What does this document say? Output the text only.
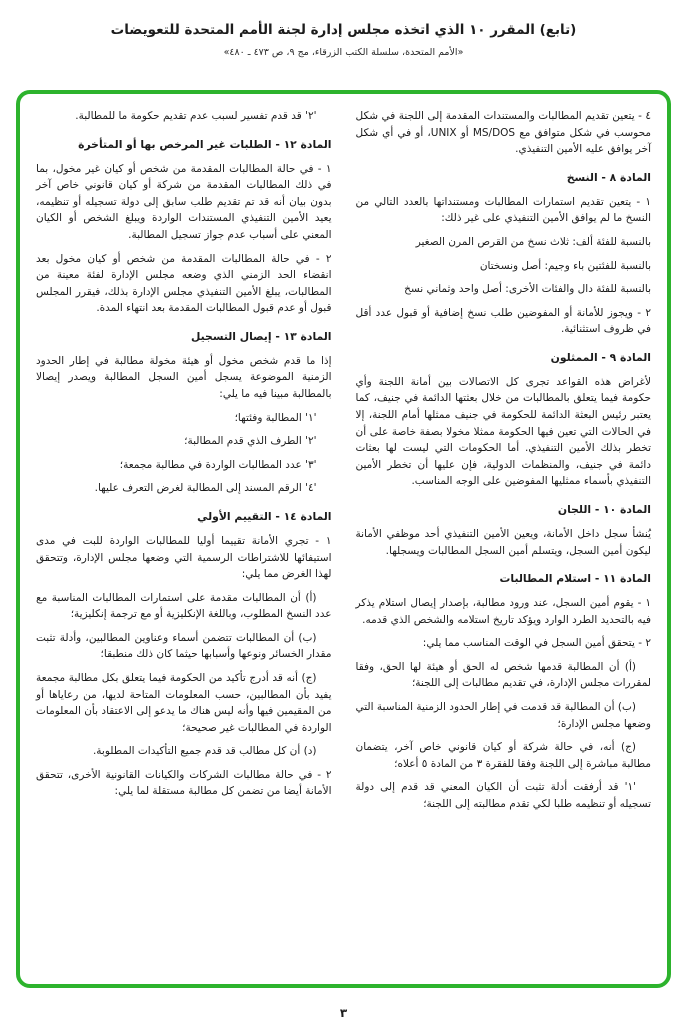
(تابع) المقرر ١٠ الذي اتخذه مجلس إدارة لجنة الأمم المتحدة للتعويضات
«الأمم المتحدة، سلسلة الكتب الزرقاء، مج ٩، ص ٤٧٣ ـ ٤٨٠»
٤ - يتعين تقديم المطالبات والمستندات المقدمة إلى اللجنة في شكل محوسب في شكل متوافق مع MS/DOS أو UNIX، أو في أي شكل آخر يوافق عليه الأمين التنفيذي.
المادة ٨ - النسخ
١ - يتعين تقديم استمارات المطالبات ومستنداتها بالعدد التالي من النسخ ما لم يوافق الأمين التنفيذي على غير ذلك:
بالنسبة للفئة ألف: ثلاث نسخ من القرص المرن الصغير
بالنسبة للفئتين باء وجيم: أصل ونسختان
بالنسبة للفئة دال والفئات الأخرى: أصل واحد وثماني نسخ
٢ - ويجوز للأمانة أو المفوضين طلب نسخ إضافية أو قبول عدد أقل في ظروف استثنائية.
المادة ٩ - الممثلون
لأغراض هذه القواعد تجرى كل الاتصالات بين أمانة اللجنة وأي حكومة فيما يتعلق بالمطالبات من خلال بعثتها الدائمة في جنيف، كما يعتبر رئيس البعثة الدائمة للحكومة في جنيف ممثلها أمام اللجنة، إلا في الحالات التي تعين فيها الحكومة ممثلا مخولا بصفة خاصة على أن تخطر بذلك الأمين التنفيذي. أما الحكومات التي ليست لها بعثات دائمة في جنيف، والمنظمات الدولية، فإن عليها أن تخطر الأمين التنفيذي بأسماء ممثليها المفوضين على الوجه المناسب.
المادة ١٠ - اللجان
يُنشأ سجل داخل الأمانة، ويعين الأمين التنفيذي أحد موظفي الأمانة ليكون أمين السجل، ويتسلم أمين السجل المطالبات ويسجلها.
المادة ١١ - استلام المطالبات
١ - يقوم أمين السجل، عند ورود مطالبة، بإصدار إيصال استلام يذكر فيه بالتحديد الطرد الوارد ويؤكد تاريخ استلامه والشخص الذي قدمه.
٢ - يتحقق أمين السجل في الوقت المناسب مما يلي:
(أ) أن المطالبة قدمها شخص له الحق أو هيئة لها الحق، وفقا لمقررات مجلس الإدارة، في تقديم مطالبات إلى اللجنة؛
(ب) أن المطالبة قد قدمت في إطار الحدود الزمنية المناسبة التي وضعها مجلس الإدارة؛
(ج) أنه، في حالة شركة أو كيان قانوني خاص آخر، يتضمان مطالبة مباشرة إلى اللجنة وفقا للفقرة ٣ من المادة ٥ أعلاه؛
'١' قد أرفقت أدلة تثبت أن الكيان المعني قد قدم إلى دولة تسجيله أو تنظيمه طلبا لكي تقدم مطالبته إلى اللجنة؛
'٢' قد قدم تفسير لسبب عدم تقديم حكومة ما للمطالبة.
المادة ١٢ - الطلبات غير المرخص بها أو المتأخرة
١ - في حالة المطالبات المقدمة من شخص أو كيان غير مخول، بما في ذلك المطالبات المقدمة من شركة أو كيان قانوني خاص آخر بدون بيان أنه قد تم تقديم طلب سابق إلى دولة تسجيله أو تنظيمه، يعيد الأمين التنفيذي المستندات الواردة ويبلغ الشخص أو الكيان المعني على أسباب عدم جواز تسجيل المطالبة.
٢ - في حالة المطالبات المقدمة من شخص أو كيان مخول بعد انقضاء الحد الزمني الذي وضعه مجلس الإدارة لفئة معينة من المطالبات، يبلغ الأمين التنفيذي مجلس الإدارة بذلك، فيقرر المجلس قبول أو عدم قبول المطالبات المقدمة بعد انتهاء المدة.
المادة ١٣ - إيصال التسجيل
إذا ما قدم شخص مخول أو هيئة مخولة مطالبة في إطار الحدود الزمنية الموضوعة يسجل أمين السجل المطالبة ويصدر إيصالا بالمطالبة مبينا فيه ما يلي:
'١' المطالبة وفئتها؛
'٢' الطرف الذي قدم المطالبة؛
'٣' عدد المطالبات الواردة في مطالبة مجمعة؛
'٤' الرقم المسند إلى المطالبة لغرض التعرف عليها.
المادة ١٤ - التقييم الأولي
١ - تجري الأمانة تقييما أوليا للمطالبات الواردة للبت في مدى استيفائها للاشتراطات الرسمية التي وضعها مجلس الإدارة، وتتحقق لهذا الغرض مما يلي:
(أ) أن المطالبات مقدمة على استمارات المطالبات المناسبة مع عدد النسخ المطلوب، وباللغة الإنكليزية أو مع ترجمة إنكليزية؛
(ب) أن المطالبات تتضمن أسماء وعناوين المطالبين، وأدلة تثبت مقدار الخسائر ونوعها وأسبابها حيثما كان ذلك منطبقا؛
(ج) أنه قد أدرج تأكيد من الحكومة فيما يتعلق بكل مطالبة مجمعة يفيد بأن المطالبين، حسب المعلومات المتاحة لديها، من رعاياها أو من المقيمين فيها وأنه ليس هناك ما يدعو إلى الاعتقاد بأن المعلومات الواردة في المطالبات غير صحيحة؛
(د) أن كل مطالب قد قدم جميع التأكيدات المطلوبة.
٢ - في حالة مطالبات الشركات والكيانات القانونية الأخرى، تتحقق الأمانة أيضا من تضمن كل مطالبة مستقلة لما يلي:
٣
